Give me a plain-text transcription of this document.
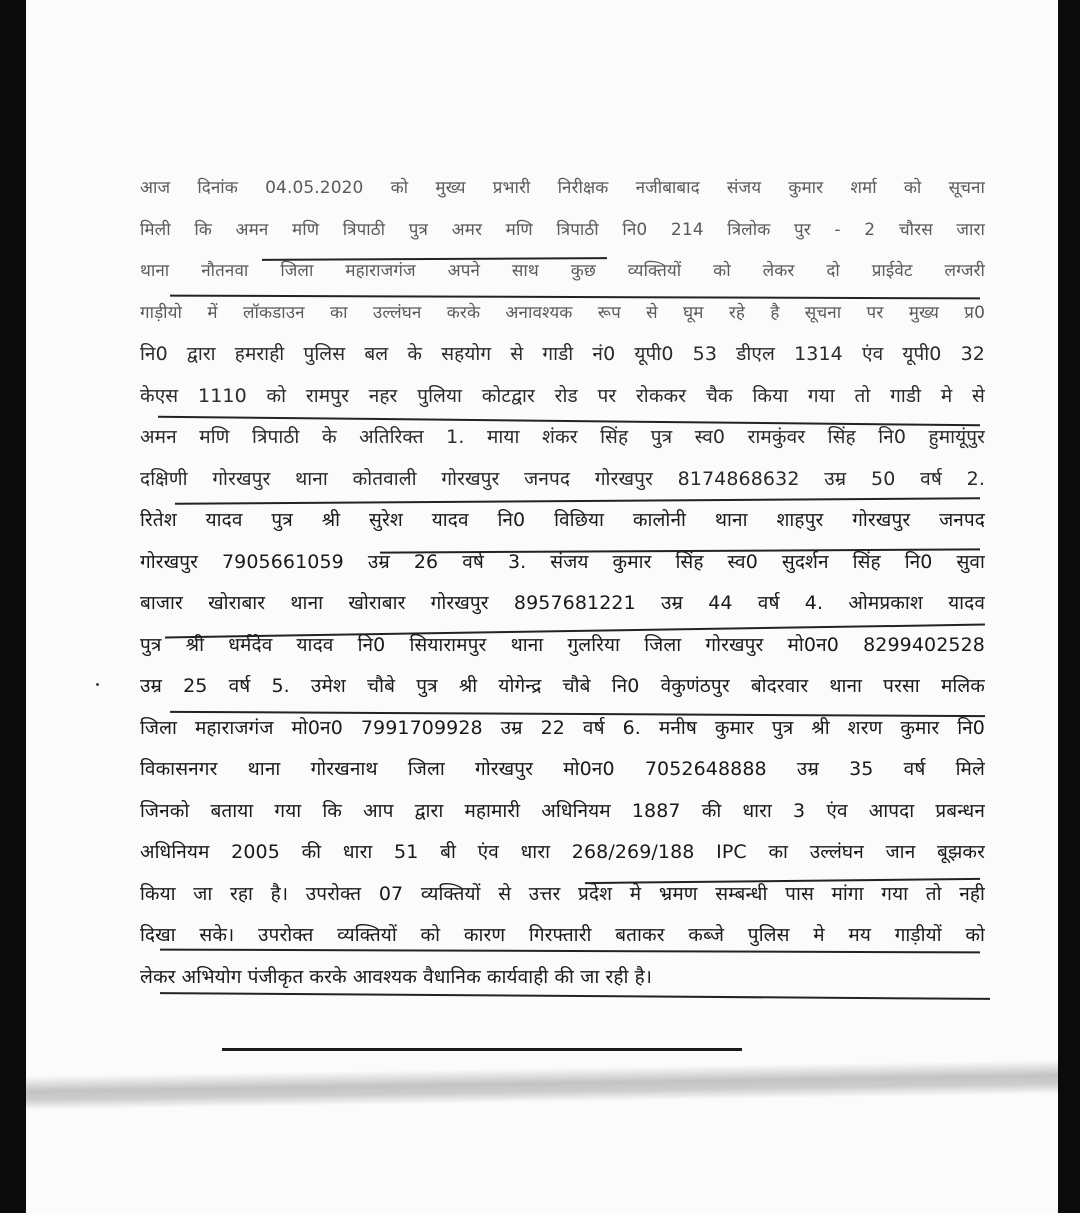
आज दिनांक 04.05.2020 को मुख्य प्रभारी निरीक्षक नजीबाबाद संजय कुमार शर्मा को सूचना
मिली कि अमन मणि त्रिपाठी पुत्र अमर मणि त्रिपाठी नि0 214 त्रिलोक पुर - 2 चौरस जारा
थाना नौतनवा जिला महाराजगंज अपने साथ कुछ व्यक्तियों को लेकर दो प्राईवेट लग्जरी
गाड़ीयो में लॉकडाउन का उल्लंघन करके अनावश्यक रूप से घूम रहे है सूचना पर मुख्य प्र0
नि0 द्वारा हमराही पुलिस बल के सहयोग से गाडी नं0 यूपी0 53 डीएल 1314 एंव यूपी0 32
केएस 1110 को रामपुर नहर पुलिया कोटद्वार रोड पर रोककर चैक किया गया तो गाडी मे से
अमन मणि त्रिपाठी के अतिरिक्त 1. माया शंकर सिंह पुत्र स्व0 रामकुंवर सिंह नि0 हुमायूंपुर
दक्षिणी गोरखपुर थाना कोतवाली गोरखपुर जनपद गोरखपुर 8174868632 उम्र 50 वर्ष 2.
रितेश यादव पुत्र श्री सुरेश यादव नि0 विछिया कालोनी थाना शाहपुर गोरखपुर जनपद
गोरखपुर 7905661059 उम्र 26 वर्ष 3. संजय कुमार सिंह स्व0 सुदर्शन सिंह नि0 सुवा
बाजार खोराबार थाना खोराबार गोरखपुर 8957681221 उम्र 44 वर्ष 4. ओमप्रकाश यादव
पुत्र श्री धर्मदेव यादव नि0 सियारामपुर थाना गुलरिया जिला गोरखपुर मो0न0 8299402528
उम्र 25 वर्ष 5. उमेश चौबे पुत्र श्री योगेन्द्र चौबे नि0 वेकुणंठपुर बोदरवार थाना परसा मलिक
जिला महाराजगंज मो0न0 7991709928 उम्र 22 वर्ष 6. मनीष कुमार पुत्र श्री शरण कुमार नि0
विकासनगर थाना गोरखनाथ जिला गोरखपुर मो0न0 7052648888 उम्र 35 वर्ष मिले
जिनको बताया गया कि आप द्वारा महामारी अधिनियम 1887 की धारा 3 एंव आपदा प्रबन्धन
अधिनियम 2005 की धारा 51 बी एंव धारा 268/269/188 IPC का उल्लंघन जान बूझकर
किया जा रहा है। उपरोक्त 07 व्यक्तियों से उत्तर प्रदेश मे भ्रमण सम्बन्धी पास मांगा गया तो नही
दिखा सके। उपरोक्त व्यक्तियों को कारण गिरफ्तारी बताकर कब्जे पुलिस मे मय गाड़ीयों को
लेकर अभियोग पंजीकृत करके आवश्यक वैधानिक कार्यवाही की जा रही है।
